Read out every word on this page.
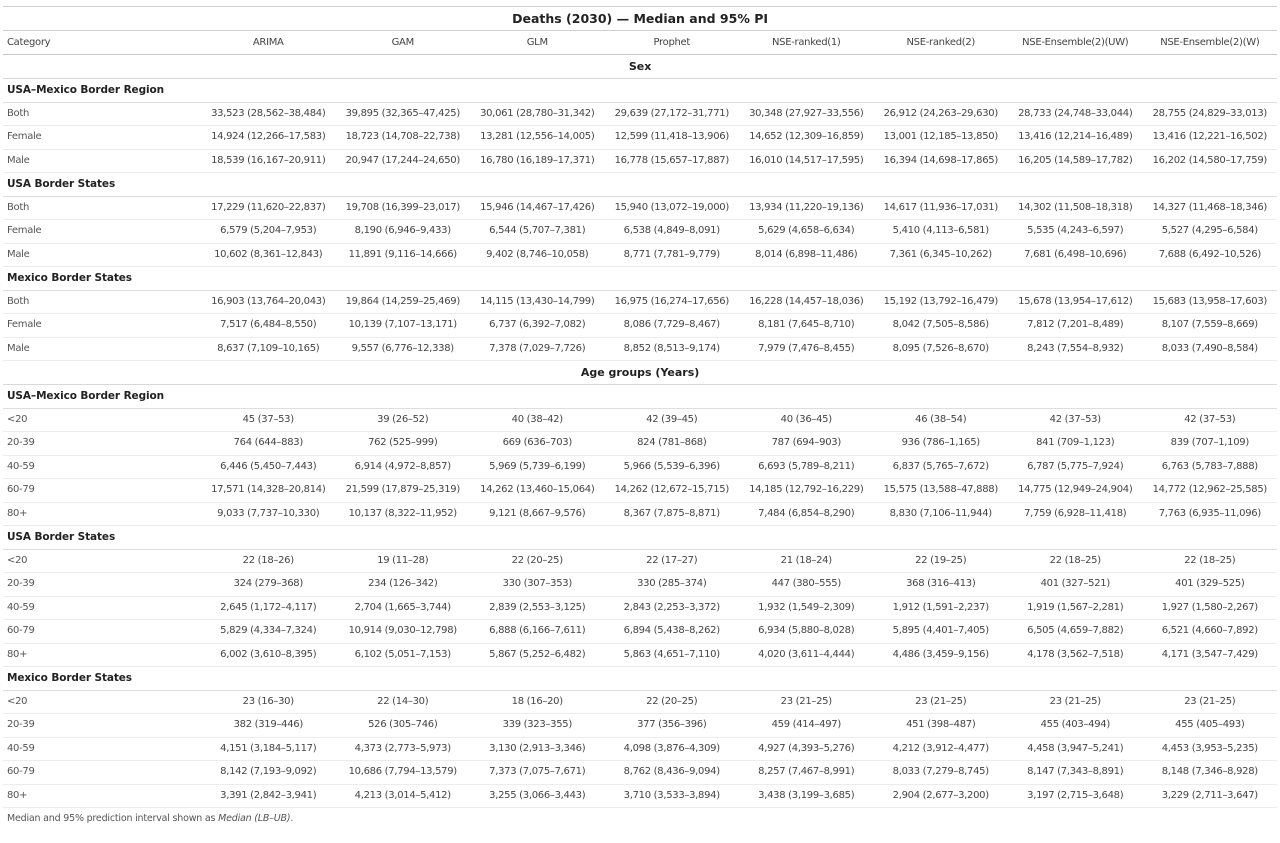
Deaths (2030) — Median and 95% PI								
Category	ARIMA	GAM	GLM	Prophet	NSE-ranked(1)	NSE-ranked(2)	NSE-Ensemble(2)(UW)	NSE-Ensemble(2)(W)
Sex								
USA–Mexico Border Region								
Both	33,523 (28,562–38,484)	39,895 (32,365–47,425)	30,061 (28,780–31,342)	29,639 (27,172–31,771)	30,348 (27,927–33,556)	26,912 (24,263–29,630)	28,733 (24,748–33,044)	28,755 (24,829–33,013)
Female	14,924 (12,266–17,583)	18,723 (14,708–22,738)	13,281 (12,556–14,005)	12,599 (11,418–13,906)	14,652 (12,309–16,859)	13,001 (12,185–13,850)	13,416 (12,214–16,489)	13,416 (12,221–16,502)
Male	18,539 (16,167–20,911)	20,947 (17,244–24,650)	16,780 (16,189–17,371)	16,778 (15,657–17,887)	16,010 (14,517–17,595)	16,394 (14,698–17,865)	16,205 (14,589–17,782)	16,202 (14,580–17,759)
USA Border States								
Both	17,229 (11,620–22,837)	19,708 (16,399–23,017)	15,946 (14,467–17,426)	15,940 (13,072–19,000)	13,934 (11,220–19,136)	14,617 (11,936–17,031)	14,302 (11,508–18,318)	14,327 (11,468–18,346)
Female	6,579 (5,204–7,953)	8,190 (6,946–9,433)	6,544 (5,707–7,381)	6,538 (4,849–8,091)	5,629 (4,658–6,634)	5,410 (4,113–6,581)	5,535 (4,243–6,597)	5,527 (4,295–6,584)
Male	10,602 (8,361–12,843)	11,891 (9,116–14,666)	9,402 (8,746–10,058)	8,771 (7,781–9,779)	8,014 (6,898–11,486)	7,361 (6,345–10,262)	7,681 (6,498–10,696)	7,688 (6,492–10,526)
Mexico Border States								
Both	16,903 (13,764–20,043)	19,864 (14,259–25,469)	14,115 (13,430–14,799)	16,975 (16,274–17,656)	16,228 (14,457–18,036)	15,192 (13,792–16,479)	15,678 (13,954–17,612)	15,683 (13,958–17,603)
Female	7,517 (6,484–8,550)	10,139 (7,107–13,171)	6,737 (6,392–7,082)	8,086 (7,729–8,467)	8,181 (7,645–8,710)	8,042 (7,505–8,586)	7,812 (7,201–8,489)	8,107 (7,559–8,669)
Male	8,637 (7,109–10,165)	9,557 (6,776–12,338)	7,378 (7,029–7,726)	8,852 (8,513–9,174)	7,979 (7,476–8,455)	8,095 (7,526–8,670)	8,243 (7,554–8,932)	8,033 (7,490–8,584)
Age groups (Years)								
USA–Mexico Border Region								
<20	45 (37–53)	39 (26–52)	40 (38–42)	42 (39–45)	40 (36–45)	46 (38–54)	42 (37–53)	42 (37–53)
20-39	764 (644–883)	762 (525–999)	669 (636–703)	824 (781–868)	787 (694–903)	936 (786–1,165)	841 (709–1,123)	839 (707–1,109)
40-59	6,446 (5,450–7,443)	6,914 (4,972–8,857)	5,969 (5,739–6,199)	5,966 (5,539–6,396)	6,693 (5,789–8,211)	6,837 (5,765–7,672)	6,787 (5,775–7,924)	6,763 (5,783–7,888)
60-79	17,571 (14,328–20,814)	21,599 (17,879–25,319)	14,262 (13,460–15,064)	14,262 (12,672–15,715)	14,185 (12,792–16,229)	15,575 (13,588–47,888)	14,775 (12,949–24,904)	14,772 (12,962–25,585)
80+	9,033 (7,737–10,330)	10,137 (8,322–11,952)	9,121 (8,667–9,576)	8,367 (7,875–8,871)	7,484 (6,854–8,290)	8,830 (7,106–11,944)	7,759 (6,928–11,418)	7,763 (6,935–11,096)
USA Border States								
<20	22 (18–26)	19 (11–28)	22 (20–25)	22 (17–27)	21 (18–24)	22 (19–25)	22 (18–25)	22 (18–25)
20-39	324 (279–368)	234 (126–342)	330 (307–353)	330 (285–374)	447 (380–555)	368 (316–413)	401 (327–521)	401 (329–525)
40-59	2,645 (1,172–4,117)	2,704 (1,665–3,744)	2,839 (2,553–3,125)	2,843 (2,253–3,372)	1,932 (1,549–2,309)	1,912 (1,591–2,237)	1,919 (1,567–2,281)	1,927 (1,580–2,267)
60-79	5,829 (4,334–7,324)	10,914 (9,030–12,798)	6,888 (6,166–7,611)	6,894 (5,438–8,262)	6,934 (5,880–8,028)	5,895 (4,401–7,405)	6,505 (4,659–7,882)	6,521 (4,660–7,892)
80+	6,002 (3,610–8,395)	6,102 (5,051–7,153)	5,867 (5,252–6,482)	5,863 (4,651–7,110)	4,020 (3,611–4,444)	4,486 (3,459–9,156)	4,178 (3,562–7,518)	4,171 (3,547–7,429)
Mexico Border States								
<20	23 (16–30)	22 (14–30)	18 (16–20)	22 (20–25)	23 (21–25)	23 (21–25)	23 (21–25)	23 (21–25)
20-39	382 (319–446)	526 (305–746)	339 (323–355)	377 (356–396)	459 (414–497)	451 (398–487)	455 (403–494)	455 (405–493)
40-59	4,151 (3,184–5,117)	4,373 (2,773–5,973)	3,130 (2,913–3,346)	4,098 (3,876–4,309)	4,927 (4,393–5,276)	4,212 (3,912–4,477)	4,458 (3,947–5,241)	4,453 (3,953–5,235)
60-79	8,142 (7,193–9,092)	10,686 (7,794–13,579)	7,373 (7,075–7,671)	8,762 (8,436–9,094)	8,257 (7,467–8,991)	8,033 (7,279–8,745)	8,147 (7,343–8,891)	8,148 (7,346–8,928)
80+	3,391 (2,842–3,941)	4,213 (3,014–5,412)	3,255 (3,066–3,443)	3,710 (3,533–3,894)	3,438 (3,199–3,685)	2,904 (2,677–3,200)	3,197 (2,715–3,648)	3,229 (2,711–3,647)
Median and 95% prediction interval shown as Median (LB–UB).								
